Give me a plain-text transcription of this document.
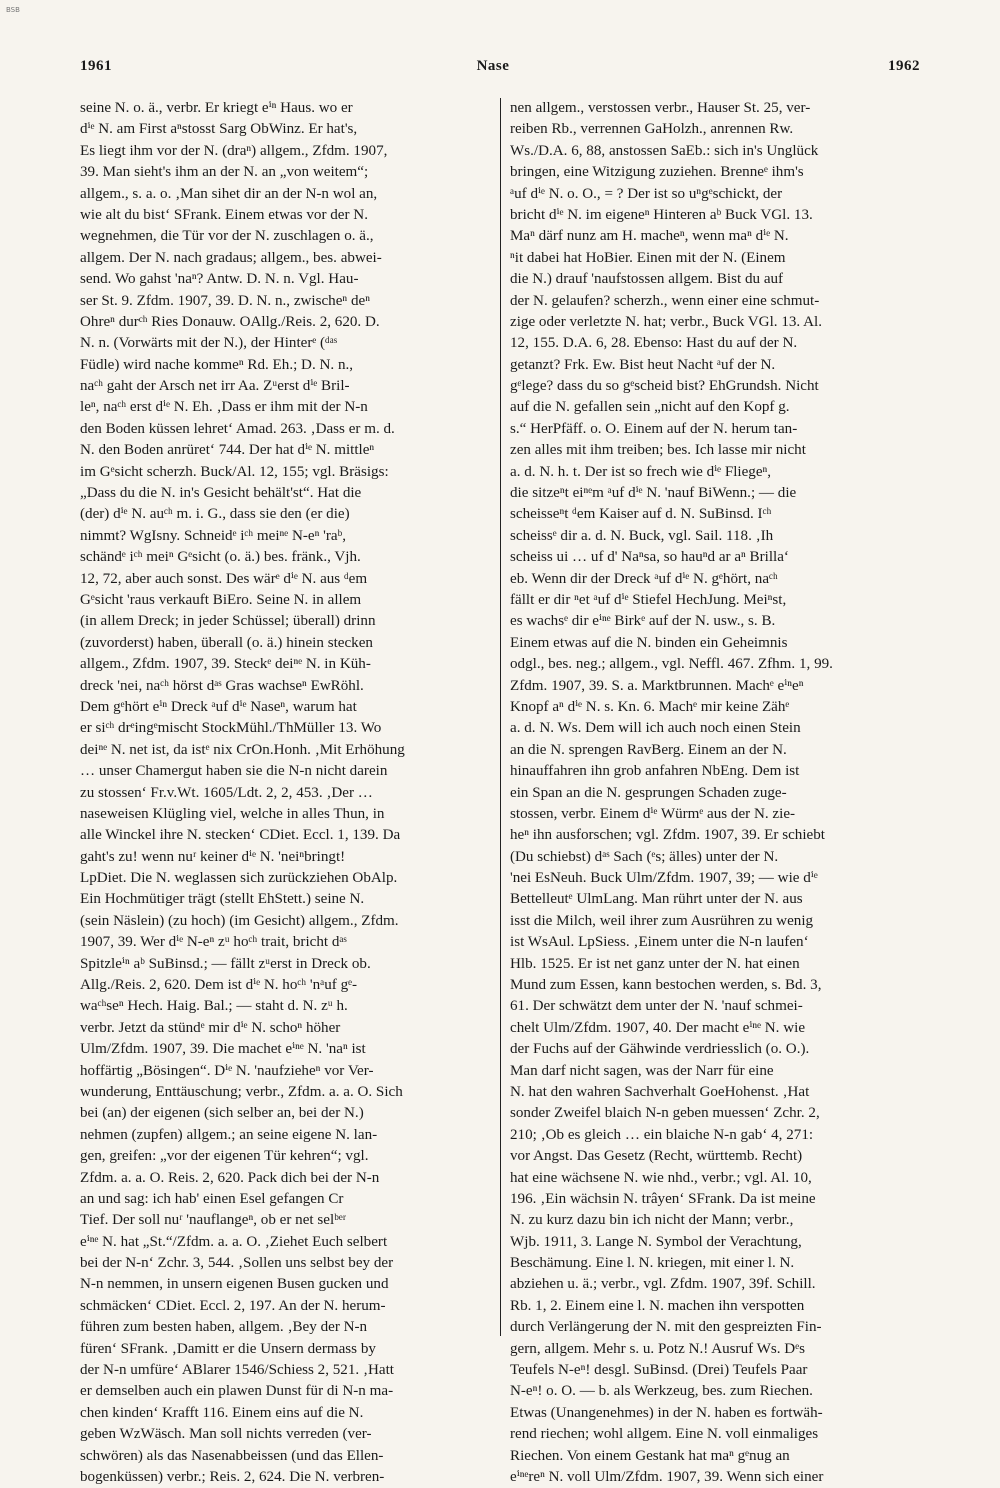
BSB
1961	Nase	1962
seine N. o. ä., verbr. Er kriegt eⁱⁿ Haus. wo er
dⁱᵉ N. am First aⁿstosst Sarg ObWinz. Er hat's,
Es liegt ihm vor der N. (draⁿ) allgem., Zfdm. 1907,
39. Man sieht's ihm an der N. an „von weitem“;
allgem., s. a. o. ‚Man sihet dir an der N-n wol an,
wie alt du bist‘ SFrank. Einem etwas vor der N.
wegnehmen, die Tür vor der N. zuschlagen o. ä.,
allgem. Der N. nach gradaus; allgem., bes. abwei-
send. Wo gahst 'naⁿ? Antw. D. N. n. Vgl. Hau-
ser St. 9. Zfdm. 1907, 39. D. N. n., zwischeⁿ deⁿ
Ohreⁿ durᶜʰ Ries Donauw. OAllg./Reis. 2, 620. D.
N. n. (Vorwärts mit der N.), der Hinterᵉ (ᵈᵃˢ
Füdle) wird nache kommeⁿ Rd. Eh.; D. N. n.,
naᶜʰ gaht der Arsch net irr Aa. Zᵘerst dⁱᵉ Bril-
leⁿ, naᶜʰ erst dⁱᵉ N. Eh. ‚Dass er ihm mit der N-n
den Boden küssen lehret‘ Amad. 263. ‚Dass er m. d.
N. den Boden anrüret‘ 744. Der hat dⁱᵉ N. mittleⁿ
im Gᵉsicht scherzh. Buck/Al. 12, 155; vgl. Bräsigs:
„Dass du die N. in's Gesicht behält'st“. Hat die
(der) dⁱᵉ N. auᶜʰ m. i. G., dass sie den (er die)
nimmt? WgIsny. Schneidᵉ iᶜʰ meiⁿᵉ N-eⁿ 'raᵇ,
schändᵉ iᶜʰ meiⁿ Gᵉsicht (o. ä.) bes. fränk., Vjh.
12, 72, aber auch sonst. Des wärᵉ dⁱᵉ N. aus ᵈem
Gᵉsicht 'raus verkauft BiEro. Seine N. in allem
(in allem Dreck; in jeder Schüssel; überall) drinn
(zuvorderst) haben, überall (o. ä.) hinein stecken
allgem., Zfdm. 1907, 39. Steckᵉ deiⁿᵉ N. in Küh-
dreck 'nei, naᶜʰ hörst dᵃˢ Gras wachseⁿ EwRöhl.
Dem gᵉhört eⁱⁿ Dreck ᵃuf dⁱᵉ Naseⁿ, warum hat
er siᶜʰ drᵉingᵉmischt StockMühl./ThMüller 13. Wo
deiⁿᵉ N. net ist, da istᵉ nix CrOn.Honh. ‚Mit Erhöhung
… unser Chamergut haben sie die N-n nicht darein
zu stossen‘ Fr.v.Wt. 1605/Ldt. 2, 2, 453. ‚Der …
naseweisen Klügling viel, welche in alles Thun, in
alle Winckel ihre N. stecken‘ CDiet. Eccl. 1, 139. Da
gaht's zu! wenn nuʳ keiner dⁱᵉ N. 'neiⁿbringt!
LpDiet. Die N. weglassen sich zurückziehen ObAlp.
Ein Hochmütiger trägt (stellt EhStett.) seine N.
(sein Näslein) (zu hoch) (im Gesicht) allgem., Zfdm.
1907, 39. Wer dⁱᵉ N-eⁿ zᵘ hoᶜʰ trait, bricht dᵃˢ
Spitzleⁱⁿ aᵇ SuBinsd.; — fällt zᵘerst in Dreck ob.
Allg./Reis. 2, 620. Dem ist dⁱᵉ N. hoᶜʰ 'nᵃuf gᵉ-
waᶜʰseⁿ Hech. Haig. Bal.; — staht d. N. zᵘ h.
verbr. Jetzt da stündᵉ mir dⁱᵉ N. schoⁿ höher
Ulm/Zfdm. 1907, 39. Die machet eⁱⁿᵉ N. 'naⁿ ist
hoffärtig „Bösingen“. Dⁱᵉ N. 'naufzieheⁿ vor Ver-
wunderung, Enttäuschung; verbr., Zfdm. a. a. O. Sich
bei (an) der eigenen (sich selber an, bei der N.)
nehmen (zupfen) allgem.; an seine eigene N. lan-
gen, greifen: „vor der eigenen Tür kehren“; vgl.
Zfdm. a. a. O. Reis. 2, 620. Pack dich bei der N-n
an und sag: ich hab' einen Esel gefangen Cr
Tief. Der soll nuʳ 'nauflangeⁿ, ob er net selᵇᵉʳ
eⁱⁿᵉ N. hat „St.“/Zfdm. a. a. O. ‚Ziehet Euch selbert
bei der N-n‘ Zchr. 3, 544. ‚Sollen uns selbst bey der
N-n nemmen, in unsern eigenen Busen gucken und
schmäcken‘ CDiet. Eccl. 2, 197. An der N. herum-
führen zum besten haben, allgem. ‚Bey der N-n
füren‘ SFrank. ‚Damitt er die Unsern dermass by
der N-n umfüre‘ ABlarer 1546/Schiess 2, 521. ‚Hatt
er demselben auch ein plawen Dunst für di N-n ma-
chen kinden‘ Krafft 116. Einem eins auf die N.
geben WzWäsch. Man soll nichts verreden (ver-
schwören) als das Nasenabbeissen (und das Ellen-
bogenküssen) verbr.; Reis. 2, 624. Die N. verbren-
nen allgem., verstossen verbr., Hauser St. 25, ver-
reiben Rb., verrennen GaHolzh., anrennen Rw.
Ws./D.A. 6, 88, anstossen SaEb.: sich in's Unglück
bringen, eine Witzigung zuziehen. Brenneᵉ ihm's
ᵃuf dⁱᵉ N. o. O., = ? Der ist so uⁿgᵉschickt, der
bricht dⁱᵉ N. im eigeneⁿ Hinteren aᵇ Buck VGl. 13.
Maⁿ därf nunz am H. macheⁿ, wenn maⁿ dⁱᵉ N.
ⁿit dabei hat HoBier. Einen mit der N. (Einem
die N.) drauf 'naufstossen allgem. Bist du auf
der N. gelaufen? scherzh., wenn einer eine schmut-
zige oder verletzte N. hat; verbr., Buck VGl. 13. Al.
12, 155. D.A. 6, 28. Ebenso: Hast du auf der N.
getanzt? Frk. Ew. Bist heut Nacht ᵃuf der N.
gᵉlege? dass du so gᵉscheid bist? EhGrundsh. Nicht
auf die N. gefallen sein „nicht auf den Kopf g.
s.“ HerPfäff. o. O. Einem auf der N. herum tan-
zen alles mit ihm treiben; bes. Ich lasse mir nicht
a. d. N. h. t. Der ist so frech wie dⁱᵉ Fliegeⁿ,
die sitzeⁿt eiⁿᵉm ᵃuf dⁱᵉ N. 'nauf BiWenn.; — die
scheisseⁿt ᵈem Kaiser auf d. N. SuBinsd. Iᶜʰ
scheissᵉ dir a. d. N. Buck, vgl. Sail. 118. ‚Ih
scheiss ui … uf d' Naⁿsa, so hauⁿd ar aⁿ Brilla‘
eb. Wenn dir der Dreck ᵃuf dⁱᵉ N. gᵉhört, naᶜʰ
fällt er dir ⁿet ᵃuf dⁱᵉ Stiefel HechJung. Meiⁿst,
es wachsᵉ dir eⁱⁿᵉ Birkᵉ auf der N. usw., s. B.
Einem etwas auf die N. binden ein Geheimnis
odgl., bes. neg.; allgem., vgl. Neffl. 467. Zfhm. 1, 99.
Zfdm. 1907, 39. S. a. Marktbrunnen. Machᵉ eⁱⁿeⁿ
Knopf aⁿ dⁱᵉ N. s. Kn. 6. Machᵉ mir keine Zähᵉ
a. d. N. Ws. Dem will ich auch noch einen Stein
an die N. sprengen RavBerg. Einem an der N.
hinauffahren ihn grob anfahren NbEng. Dem ist
ein Span an die N. gesprungen Schaden zuge-
stossen, verbr. Einem dⁱᵉ Würmᵉ aus der N. zie-
heⁿ ihn ausforschen; vgl. Zfdm. 1907, 39. Er schiebt
(Du schiebst) dᵃˢ Sach (ᵉs; älles) unter der N.
'nei EsNeuh. Buck Ulm/Zfdm. 1907, 39; — wie dⁱᵉ
Bettelleutᵉ UlmLang. Man rührt unter der N. aus
isst die Milch, weil ihrer zum Ausrühren zu wenig
ist WsAul. LpSiess. ‚Einem unter die N-n laufen‘
Hlb. 1525. Er ist net ganz unter der N. hat einen
Mund zum Essen, kann bestochen werden, s. Bd. 3,
61. Der schwätzt dem unter der N. 'nauf schmei-
chelt Ulm/Zfdm. 1907, 40. Der macht eⁱⁿᵉ N. wie
der Fuchs auf der Gähwinde verdriesslich (o. O.).
Man darf nicht sagen, was der Narr für eine
N. hat den wahren Sachverhalt GoeHohenst. ‚Hat
sonder Zweifel blaich N-n geben muessen‘ Zchr. 2,
210; ‚Ob es gleich … ein blaiche N-n gab‘ 4, 271:
vor Angst. Das Gesetz (Recht, württemb. Recht)
hat eine wächsene N. wie nhd., verbr.; vgl. Al. 10,
196. ‚Ein wächsin N. trâyen‘ SFrank. Da ist meine
N. zu kurz dazu bin ich nicht der Mann; verbr.,
Wjb. 1911, 3. Lange N. Symbol der Verachtung,
Beschämung. Eine l. N. kriegen, mit einer l. N.
abziehen u. ä.; verbr., vgl. Zfdm. 1907, 39f. Schill.
Rb. 1, 2. Einem eine l. N. machen ihn verspotten
durch Verlängerung der N. mit den gespreizten Fin-
gern, allgem. Mehr s. u. Potz N.! Ausruf Ws. Dᵉs
Teufels N-eⁿ! desgl. SuBinsd. (Drei) Teufels Paar
N-eⁿ! o. O. — b. als Werkzeug, bes. zum Riechen.
Etwas (Unangenehmes) in der N. haben es fortwäh-
rend riechen; wohl allgem. Eine N. voll einmaliges
Riechen. Von einem Gestank hat maⁿ gᵉnug an
eⁱⁿᵉreⁿ N. voll Ulm/Zfdm. 1907, 39. Wenn sich einer
